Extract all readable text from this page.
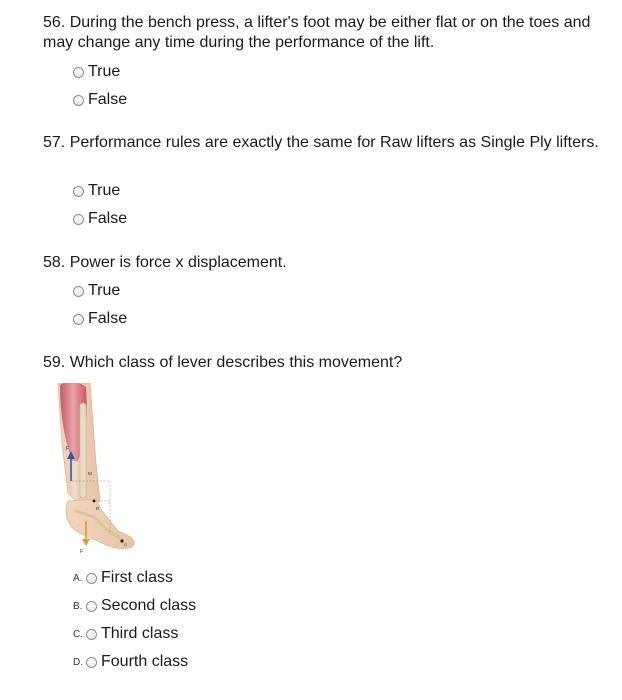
56. During the bench press, a lifter's foot may be either flat or on the toes and may change any time during the performance of the lift.

True
False

57. Performance rules are exactly the same for Raw lifters as Single Ply lifters.

True
False

58. Power is force x displacement.

True
False

59. Which class of lever describes this movement?

F
M
R
F
O
A. First class
B. Second class
C. Third class
D. Fourth class
